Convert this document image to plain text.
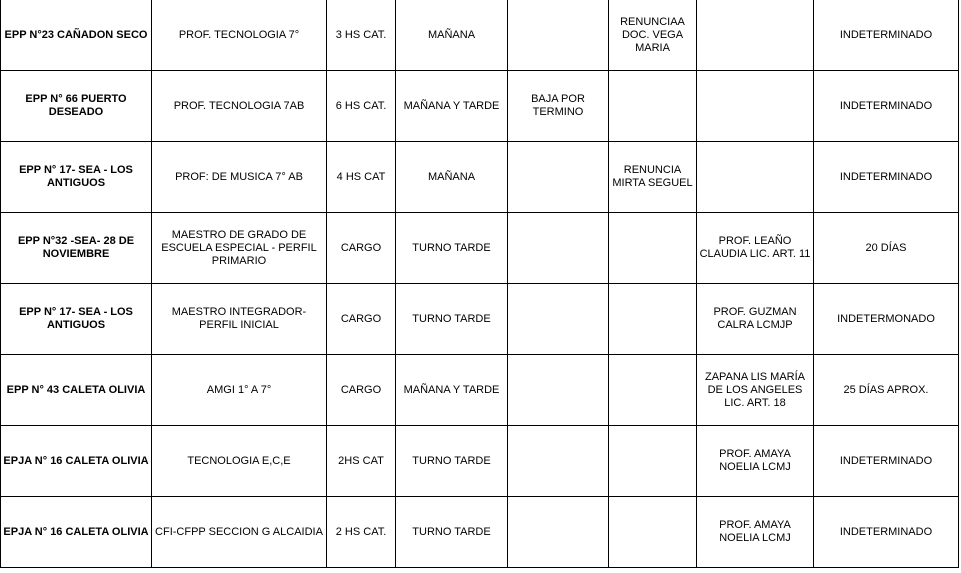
EPP N°23 CAÑADON SECO	PROF. TECNOLOGIA 7°	3 HS CAT.	MAÑANA		RENUNCIAA DOC. VEGA MARIA		INDETERMINADO
EPP N° 66 PUERTO DESEADO	PROF. TECNOLOGIA 7AB	6 HS CAT.	MAÑANA Y TARDE	BAJA POR TERMINO			INDETERMINADO
EPP N° 17- SEA - LOS ANTIGUOS	PROF: DE MUSICA 7° AB	4 HS CAT	MAÑANA		RENUNCIA MIRTA SEGUEL		INDETERMINADO
EPP N°32 -SEA- 28 DE NOVIEMBRE	MAESTRO DE GRADO DE ESCUELA ESPECIAL - PERFIL PRIMARIO	CARGO	TURNO TARDE			PROF. LEAÑO CLAUDIA LIC. ART. 11	20 DÍAS
EPP N° 17- SEA - LOS ANTIGUOS	MAESTRO INTEGRADOR- PERFIL INICIAL	CARGO	TURNO TARDE			PROF. GUZMAN CALRA LCMJP	INDETERMONADO
EPP N° 43 CALETA OLIVIA	AMGI 1° A 7°	CARGO	MAÑANA Y TARDE			ZAPANA LIS MARÍA DE LOS ANGELES LIC. ART. 18	25 DÍAS APROX.
EPJA N° 16 CALETA OLIVIA	TECNOLOGIA E,C,E	2HS CAT	TURNO TARDE			PROF. AMAYA NOELIA LCMJ	INDETERMINADO
EPJA N° 16 CALETA OLIVIA	CFI-CFPP SECCION G ALCAIDIA	2 HS CAT.	TURNO TARDE			PROF. AMAYA NOELIA LCMJ	INDETERMINADO
